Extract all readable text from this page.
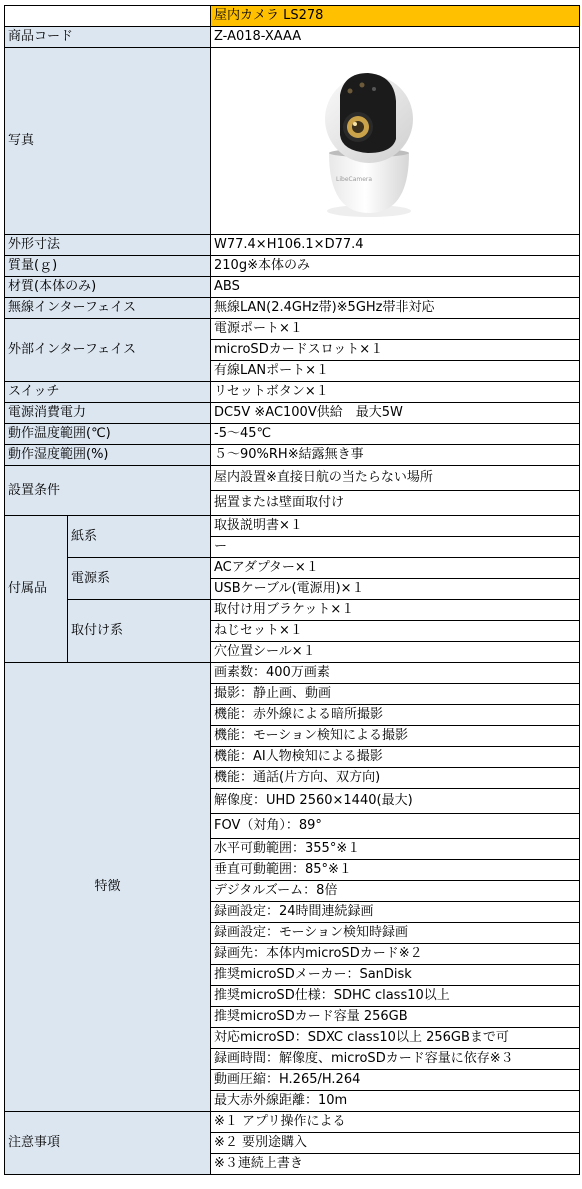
		屋内カメラ LS278
商品コード		Z-A018-XAAA
写真		LibeCamera

外形寸法		W77.4×H106.1×D77.4
質量(ｇ)		210g※本体のみ
材質(本体のみ)		ABS
無線インターフェイス		無線LAN(2.4GHz帯)※5GHz帯非対応
外部インターフェイス		電源ポート×１
		microSDカードスロット×１
		有線LANポート×１
スイッチ		リセットボタン×１
電源消費電力		DC5V ※AC100V供給　最大5W
動作温度範囲(℃)		-5～45℃
動作湿度範囲(%)		５～90%RH※結露無き事
設置条件		屋内設置※直接日航の当たらない場所
		据置または壁面取付け
付属品	紙系	取扱説明書×１
		ー
	電源系	ACアダプター×１
		USBケーブル(電源用)×１
	取付け系	取付け用ブラケット×１
		ねじセット×１
		穴位置シール×１
特徴		画素数：400万画素
		撮影：静止画、動画
		機能：赤外線による暗所撮影
		機能：モーション検知による撮影
		機能：AI人物検知による撮影
		機能：通話(片方向、双方向)
		解像度：UHD 2560×1440(最大)
		FOV（対角）：89°
		水平可動範囲：355°※１
		垂直可動範囲：85°※１
		デジタルズーム：8倍
		録画設定：24時間連続録画
		録画設定：モーション検知時録画
		録画先：本体内microSDカード※２
		推奨microSDメーカー：SanDisk
		推奨microSD仕様：SDHC class10以上
		推奨microSDカード容量 256GB
		対応microSD：SDXC class10以上 256GBまで可
		録画時間：解像度、microSDカード容量に依存※３
		動画圧縮：H.265/H.264
		最大赤外線距離：10m
注意事項		※１ アプリ操作による
		※２ 要別途購入
		※３連続上書き
